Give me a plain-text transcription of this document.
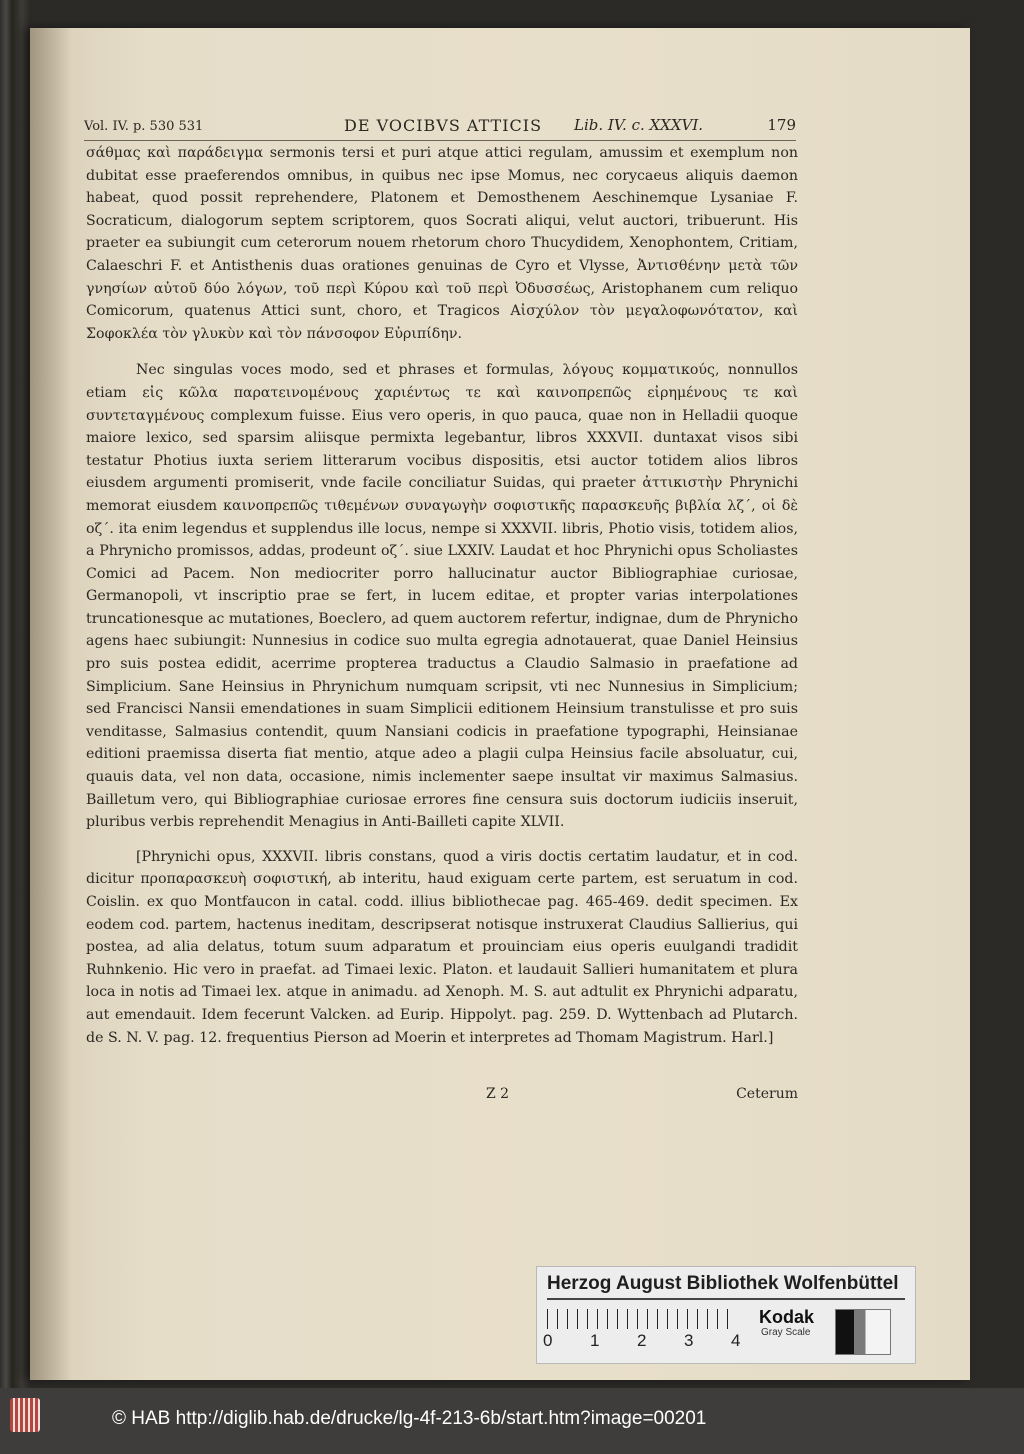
Vol. IV. p. 530 531	DE VOCIBVS ATTICIS Lib. IV. c. XXXVI.	179

σάθμας καὶ παράδειγμα sermonis tersi et puri atque attici regulam, amussim et exemplum non dubitat esse praeferendos omnibus, in quibus nec ipse Momus, nec corycaeus aliquis daemon habeat, quod possit reprehendere, Platonem et Demosthenem Aeschinemque Lysaniae F. Socraticum, dialogorum septem scriptorem, quos Socrati aliqui, velut auctori, tribuerunt. His praeter ea subiungit cum ceterorum nouem rhetorum choro Thucydidem, Xenophontem, Critiam, Calaeschri F. et Antisthenis duas orationes genuinas de Cyro et Vlysse, Ἀντισθένην μετὰ τῶν γνησίων αὐτοῦ δύο λόγων, τοῦ περὶ Κύρου καὶ τοῦ περὶ Ὀδυσσέως, Aristophanem cum reliquo Comicorum, quatenus Attici sunt, choro, et Tragicos Αἰσχύλον τὸν μεγαλοφωνότατον, καὶ Σοφοκλέα τὸν γλυκὺν καὶ τὸν πάνσοφον Εὐριπίδην.

Nec singulas voces modo, sed et phrases et formulas, λόγους κομματικούς, nonnullos etiam εἰς κῶλα παρατεινομένους χαριέντως τε καὶ καινοπρεπῶς εἰρημένους τε καὶ συντεταγμένους complexum fuisse. Eius vero operis, in quo pauca, quae non in Helladii quoque maiore lexico, sed sparsim aliisque permixta legebantur, libros XXXVII. duntaxat visos sibi testatur Photius iuxta seriem litterarum vocibus dispositis, etsi auctor totidem alios libros eiusdem argumenti promiserit, vnde facile conciliatur Suidas, qui praeter ἀττικιστὴν Phrynichi memorat eiusdem καινοπρεπῶς τιθεμένων συναγωγὴν σοφιστικῆς παρασκευῆς βιβλία λζ΄, οἱ δὲ οζ΄. ita enim legendus et supplendus ille locus, nempe si XXXVII. libris, Photio visis, totidem alios, a Phrynicho promissos, addas, prodeunt οζ΄. siue LXXIV. Laudat et hoc Phrynichi opus Scholiastes Comici ad Pacem. Non mediocriter porro hallucinatur auctor Bibliographiae curiosae, Germanopoli, vt inscriptio prae se fert, in lucem editae, et propter varias interpolationes truncationesque ac mutationes, Boeclero, ad quem auctorem refertur, indignae, dum de Phrynicho agens haec subiungit: Nunnesius in codice suo multa egregia adnotauerat, quae Daniel Heinsius pro suis postea edidit, acerrime propterea traductus a Claudio Salmasio in praefatione ad Simplicium. Sane Heinsius in Phrynichum numquam scripsit, vti nec Nunnesius in Simplicium; sed Francisci Nansii emendationes in suam Simplicii editionem Heinsium transtulisse et pro suis venditasse, Salmasius contendit, quum Nansiani codicis in praefatione typographi, Heinsianae editioni praemissa diserta fiat mentio, atque adeo a plagii culpa Heinsius facile absoluatur, cui, quauis data, vel non data, occasione, nimis inclementer saepe insultat vir maximus Salmasius. Bailletum vero, qui Bibliographiae curiosae errores fine censura suis doctorum iudiciis inseruit, pluribus verbis reprehendit Menagius in Anti-Bailleti capite XLVII.

[Phrynichi opus, XXXVII. libris constans, quod a viris doctis certatim laudatur, et in cod. dicitur προπαρασκευὴ σοφιστική, ab interitu, haud exiguam certe partem, est seruatum in cod. Coislin. ex quo Montfaucon in catal. codd. illius bibliothecae pag. 465-469. dedit specimen. Ex eodem cod. partem, hactenus ineditam, descripserat notisque instruxerat Claudius Sallierius, qui postea, ad alia delatus, totum suum adparatum et prouinciam eius operis euulgandi tradidit Ruhnkenio. Hic vero in praefat. ad Timaei lexic. Platon. et laudauit Sallieri humanitatem et plura loca in notis ad Timaei lex. atque in animadu. ad Xenoph. M. S. aut adtulit ex Phrynichi adparatu, aut emendauit. Idem fecerunt Valcken. ad Eurip. Hippolyt. pag. 259. D. Wyttenbach ad Plutarch. de S. N. V. pag. 12. frequentius Pierson ad Moerin et interpretes ad Thomam Magistrum. Harl.]

Z 2	Ceterum
Herzog August Bibliothek Wolfenbüttel
0 1 2 3 4
Kodak
Gray Scale
© HAB http://diglib.hab.de/drucke/lg-4f-213-6b/start.htm?image=00201
